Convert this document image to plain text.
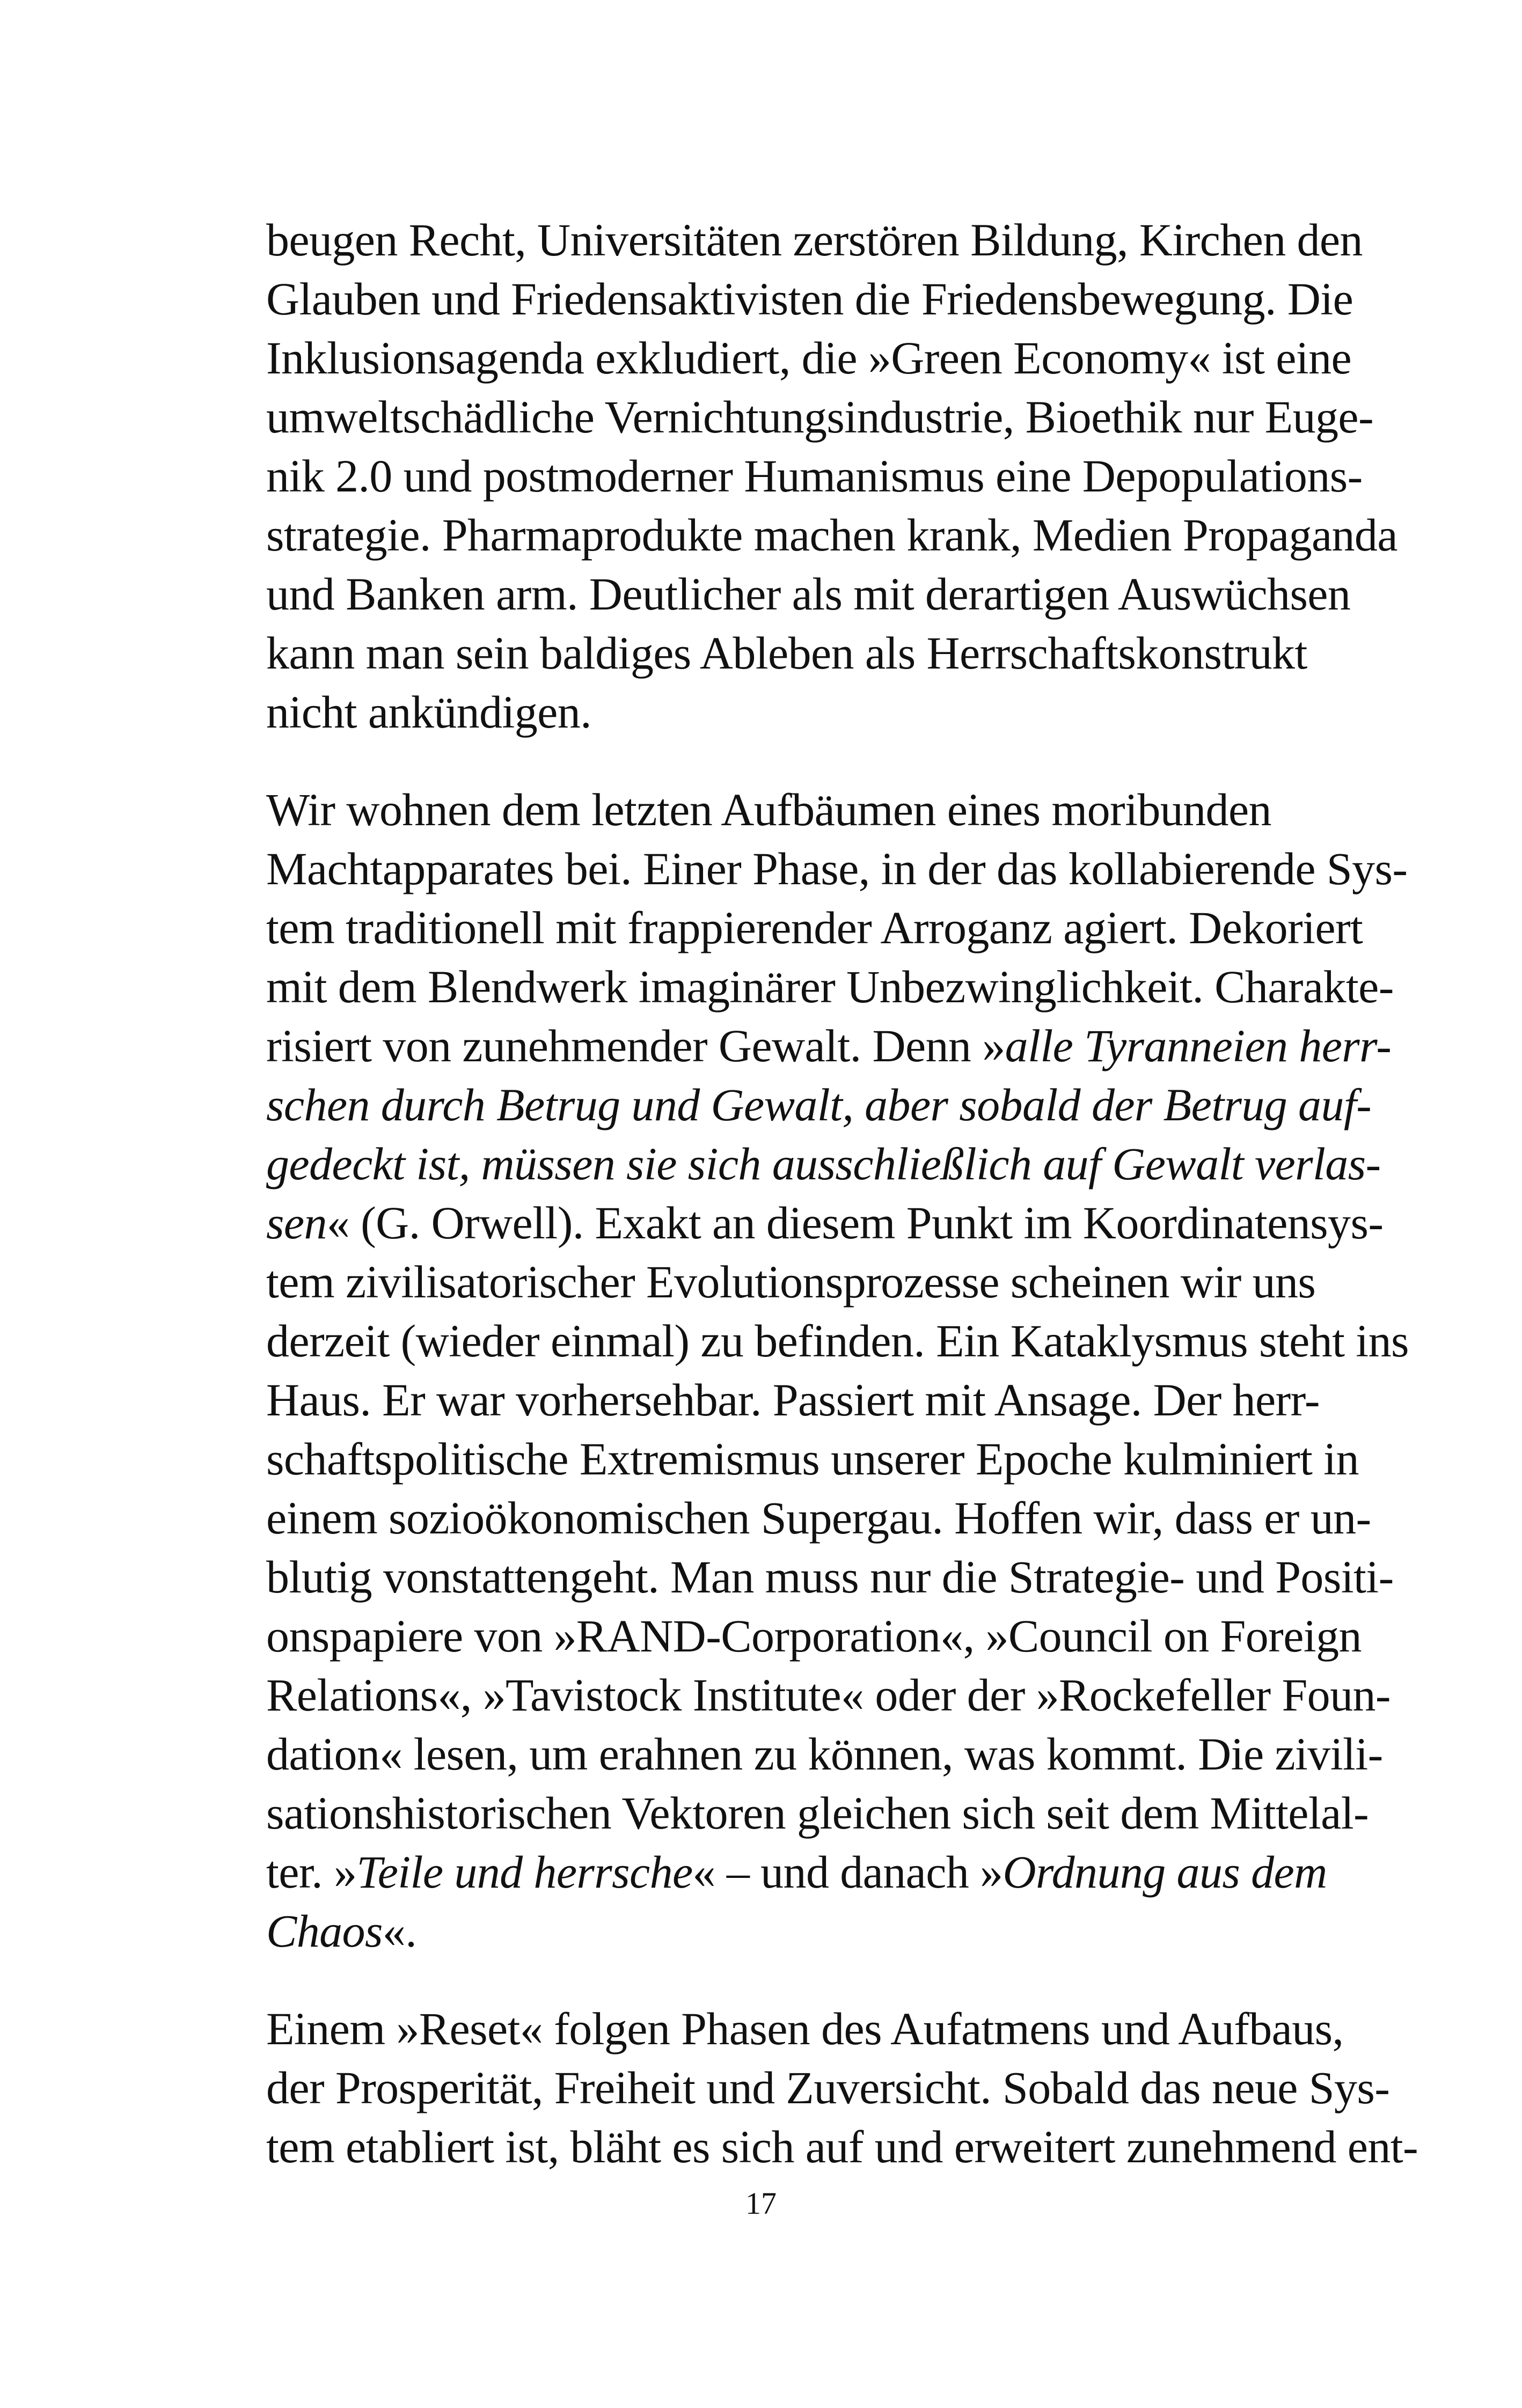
beugen Recht, Universitäten zerstören Bildung, Kirchen den
Glauben und Friedensaktivisten die Friedensbewegung. Die
Inklusionsagenda exkludiert, die »Green Economy« ist eine
umweltschädliche Vernichtungsindustrie, Bioethik nur Euge-
nik 2.0 und postmoderner Humanismus eine Depopulations-
strategie. Pharmaprodukte machen krank, Medien Propaganda
und Banken arm. Deutlicher als mit derartigen Auswüchsen
kann man sein baldiges Ableben als Herrschaftskonstrukt
nicht ankündigen.
Wir wohnen dem letzten Aufbäumen eines moribunden
Machtapparates bei. Einer Phase, in der das kollabierende Sys-
tem traditionell mit frappierender Arroganz agiert. Dekoriert
mit dem Blendwerk imaginärer Unbezwinglichkeit. Charakte-
risiert von zunehmender Gewalt. Denn »alle Tyranneien herr-
schen durch Betrug und Gewalt, aber sobald der Betrug auf-
gedeckt ist, müssen sie sich ausschließlich auf Gewalt verlas-
sen« (G. Orwell). Exakt an diesem Punkt im Koordinatensys-
tem zivilisatorischer Evolutionsprozesse scheinen wir uns
derzeit (wieder einmal) zu befinden. Ein Kataklysmus steht ins
Haus. Er war vorhersehbar. Passiert mit Ansage. Der herr-
schaftspolitische Extremismus unserer Epoche kulminiert in
einem sozioökonomischen Supergau. Hoffen wir, dass er un-
blutig vonstattengeht. Man muss nur die Strategie- und Positi-
onspapiere von »RAND-Corporation«, »Council on Foreign
Relations«, »Tavistock Institute« oder der »Rockefeller Foun-
dation« lesen, um erahnen zu können, was kommt. Die zivili-
sationshistorischen Vektoren gleichen sich seit dem Mittelal-
ter. »Teile und herrsche« – und danach »Ordnung aus dem
Chaos«.
Einem »Reset« folgen Phasen des Aufatmens und Aufbaus,
der Prosperität, Freiheit und Zuversicht. Sobald das neue Sys-
tem etabliert ist, bläht es sich auf und erweitert zunehmend ent-
17
